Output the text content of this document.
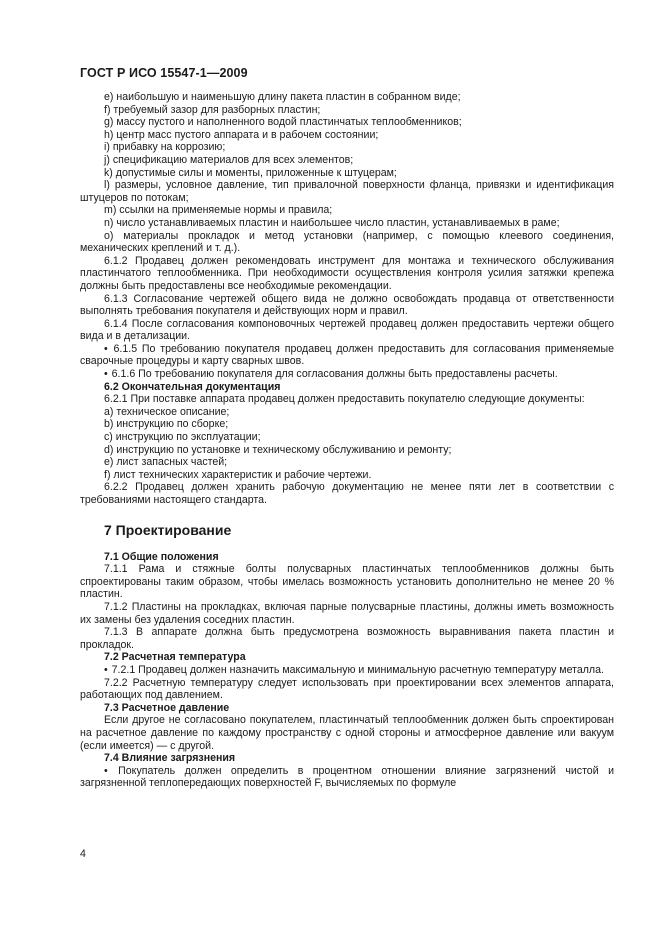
ГОСТ Р ИСО 15547-1—2009

е) наибольшую и наименьшую длину пакета пластин в собранном виде;

f) требуемый зазор для разборных пластин;

g) массу пустого и наполненного водой пластинчатых теплообменников;

h) центр масс пустого аппарата и в рабочем состоянии;

i) прибавку на коррозию;

j) спецификацию материалов для всех элементов;

k) допустимые силы и моменты, приложенные к штуцерам;

l) размеры, условное давление, тип привалочной поверхности фланца, привязки и идентификация штуцеров по потокам;

m) ссылки на применяемые нормы и правила;

n) число устанавливаемых пластин и наибольшее число пластин, устанавливаемых в раме;

о) материалы прокладок и метод установки (например, с помощью клеевого соединения, механических креплений и т. д.).

6.1.2 Продавец должен рекомендовать инструмент для монтажа и технического обслуживания пластинчатого теплообменника. При необходимости осуществления контроля усилия затяжки крепежа должны быть предоставлены все необходимые рекомендации.

6.1.3 Согласование чертежей общего вида не должно освобождать продавца от ответственности выполнять требования покупателя и действующих норм и правил.

6.1.4 После согласования компоновочных чертежей продавец должен предоставить чертежи общего вида и в детализации.

• 6.1.5 По требованию покупателя продавец должен предоставить для согласования применяемые сварочные процедуры и карту сварных швов.

• 6.1.6 По требованию покупателя для согласования должны быть предоставлены расчеты.

6.2 Окончательная документация

6.2.1 При поставке аппарата продавец должен предоставить покупателю следующие документы:

а) техническое описание;

b) инструкцию по сборке;

с) инструкцию по эксплуатации;

d) инструкцию по установке и техническому обслуживанию и ремонту;

е) лист запасных частей;

f) лист технических характеристик и рабочие чертежи.

6.2.2 Продавец должен хранить рабочую документацию не менее пяти лет в соответствии с требованиями настоящего стандарта.

7 Проектирование

7.1 Общие положения

7.1.1 Рама и стяжные болты полусварных пластинчатых теплообменников должны быть спроектированы таким образом, чтобы имелась возможность установить дополнительно не менее 20 % пластин.

7.1.2 Пластины на прокладках, включая парные полусварные пластины, должны иметь возможность их замены без удаления соседних пластин.

7.1.3 В аппарате должна быть предусмотрена возможность выравнивания пакета пластин и прокладок.

7.2 Расчетная температура

• 7.2.1 Продавец должен назначить максимальную и минимальную расчетную температуру металла.

7.2.2 Расчетную температуру следует использовать при проектировании всех элементов аппарата, работающих под давлением.

7.3 Расчетное давление

Если другое не согласовано покупателем, пластинчатый теплообменник должен быть спроектирован на расчетное давление по каждому пространству с одной стороны и атмосферное давление или вакуум (если имеется) — с другой.

7.4 Влияние загрязнения

• Покупатель должен определить в процентном отношении влияние загрязнений чистой и загрязненной теплопередающих поверхностей F, вычисляемых по формуле

4
